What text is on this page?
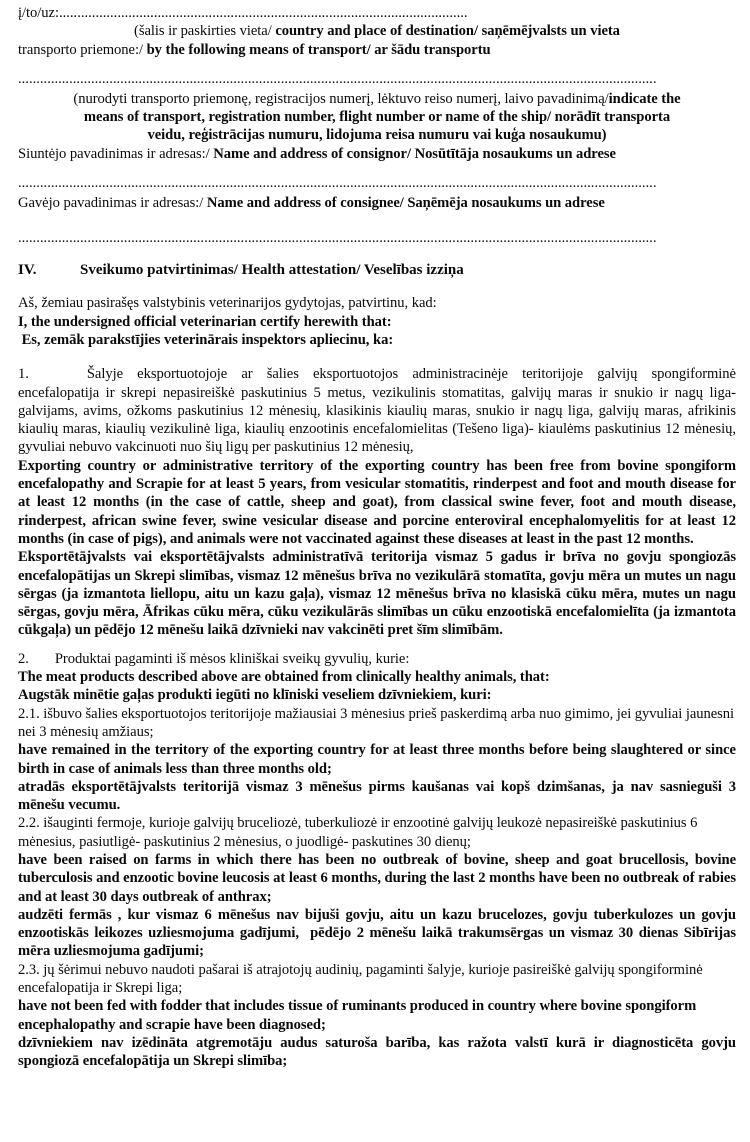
į/to/uz:................................................................................................................
(šalis ir paskirties vieta/ country and place of destination/ saņēmējvalsts un vieta
transporto priemone:/ by the following means of transport/ ar šādu transportu
...............................................................................................................................................................................
(nurodyti transporto priemonę, registracijos numerį, lėktuvo reiso numerį, laivo pavadinimą/indicate the
means of transport, registration number, flight number or name of the ship/ norādīt transporta
veidu, reģistrācijas numuru, lidojuma reisa numuru vai kuģa nosaukumu)
Siuntėjo pavadinimas ir adresas:/ Name and address of consignor/ Nosūtītāja nosaukums un adrese
...............................................................................................................................................................................
Gavėjo pavadinimas ir adresas:/ Name and address of consignee/ Saņēmēja nosaukums un adrese
...............................................................................................................................................................................
IV.	Sveikumo patvirtinimas/ Health attestation/ Veselības izziņa
Aš, žemiau pasirašęs valstybinis veterinarijos gydytojas, patvirtinu, kad:
I, the undersigned official veterinarian certify herewith that:
Es, zemāk parakstījies veterinārais inspektors apliecinu, ka:
1.	Šalyje eksportuotojoje ar šalies eksportuotojos administracinėje teritorijoje galvijų spongiforminė encefalopatija ir skrepi nepasireiškė paskutinius 5 metus, vezikulinis stomatitas, galvijų maras ir snukio ir nagų liga- galvijams, avims, ožkoms paskutinius 12 mėnesių, klasikinis kiaulių maras, snukio ir nagų liga, galvijų maras, afrikinis kiaulių maras, kiaulių vezikulinė liga, kiaulių enzootinis encefalomielitas (Tešeno liga)- kiaulėms paskutinius 12 mėnesių, gyvuliai nebuvo vakcinuoti nuo šių ligų per paskutinius 12 mėnesių,
Exporting country or administrative territory of the exporting country has been free from bovine spongiform encefalopathy and Scrapie for at least 5 years, from vesicular stomatitis, rinderpest and foot and mouth disease for at least 12 months (in the case of cattle, sheep and goat), from classical swine fever, foot and mouth disease, rinderpest, african swine fever, swine vesicular disease and porcine enteroviral encephalomyelitis for at least 12 months (in case of pigs), and animals were not vaccinated against these diseases at least in the past 12 months.
Eksportētājvalsts vai eksportētājvalsts administratīvā teritorija vismaz 5 gadus ir brīva no govju spongiozās encefalopātijas un Skrepi slimības, vismaz 12 mēnešus brīva no vezikulārā stomatīta, govju mēra un mutes un nagu sērgas (ja izmantota liellopu, aitu un kazu gaļa), vismaz 12 mēnešus brīva no klasiskā cūku mēra, mutes un nagu sērgas, govju mēra, Āfrikas cūku mēra, cūku vezikulārās slimības un cūku enzootiskā encefalomielīta (ja izmantota cūkgaļa) un pēdējo 12 mēnešu laikā dzīvnieki nav vakcinēti pret šīm slimībām.
2. Produktai pagaminti iš mėsos kliniškai sveikų gyvulių, kurie:
The meat products described above are obtained from clinically healthy animals, that:
Augstāk minētie gaļas produkti iegūti no klīniski veseliem dzīvniekiem, kuri:
2.1. išbuvo šalies eksportuotojos teritorijoje mažiausiai 3 mėnesius prieš paskerdimą arba nuo gimimo, jei gyvuliai jaunesni nei 3 mėnesių amžiaus;
have remained in the territory of the exporting country for at least three months before being slaughtered or since birth in case of animals less than three months old;
atradās eksportētājvalsts teritorijā vismaz 3 mēnešus pirms kaušanas vai kopš dzimšanas, ja nav sasnieguši 3 mēnešu vecumu.
2.2. išauginti fermoje, kurioje galvijų bruceliozė, tuberkuliozė ir enzootinė galvijų leukozė nepasireiškė paskutinius 6 mėnesius, pasiutligė- paskutinius 2 mėnesius, o juodligė- paskutines 30 dienų;
have been raised on farms in which there has been no outbreak of bovine, sheep and goat brucellosis, bovine tuberculosis and enzootic bovine leucosis at least 6 months, during the last 2 months have been no outbreak of rabies and at least 30 days outbreak of anthrax;
audzēti fermās , kur vismaz 6 mēnešus nav bijuši govju, aitu un kazu brucelozes, govju tuberkulozes un govju enzootiskās leikozes uzliesmojuma gadījumi,  pēdējo 2 mēnešu laikā trakumsērgas un vismaz 30 dienas Sibīrijas mēra uzliesmojuma gadījumi;
2.3. jų šėrimui nebuvo naudoti pašarai iš atrajotojų audinių, pagaminti šalyje, kurioje pasireiškė galvijų spongiforminė encefalopatija ir Skrepi liga;
have not been fed with fodder that includes tissue of ruminants produced in country where bovine spongiform encephalopathy and scrapie have been diagnosed;
dzīvniekiem nav izēdināta atgremotāju audus saturoša barība, kas ražota valstī kurā ir diagnosticēta govju spongiozā encefalopātija un Skrepi slimība;
